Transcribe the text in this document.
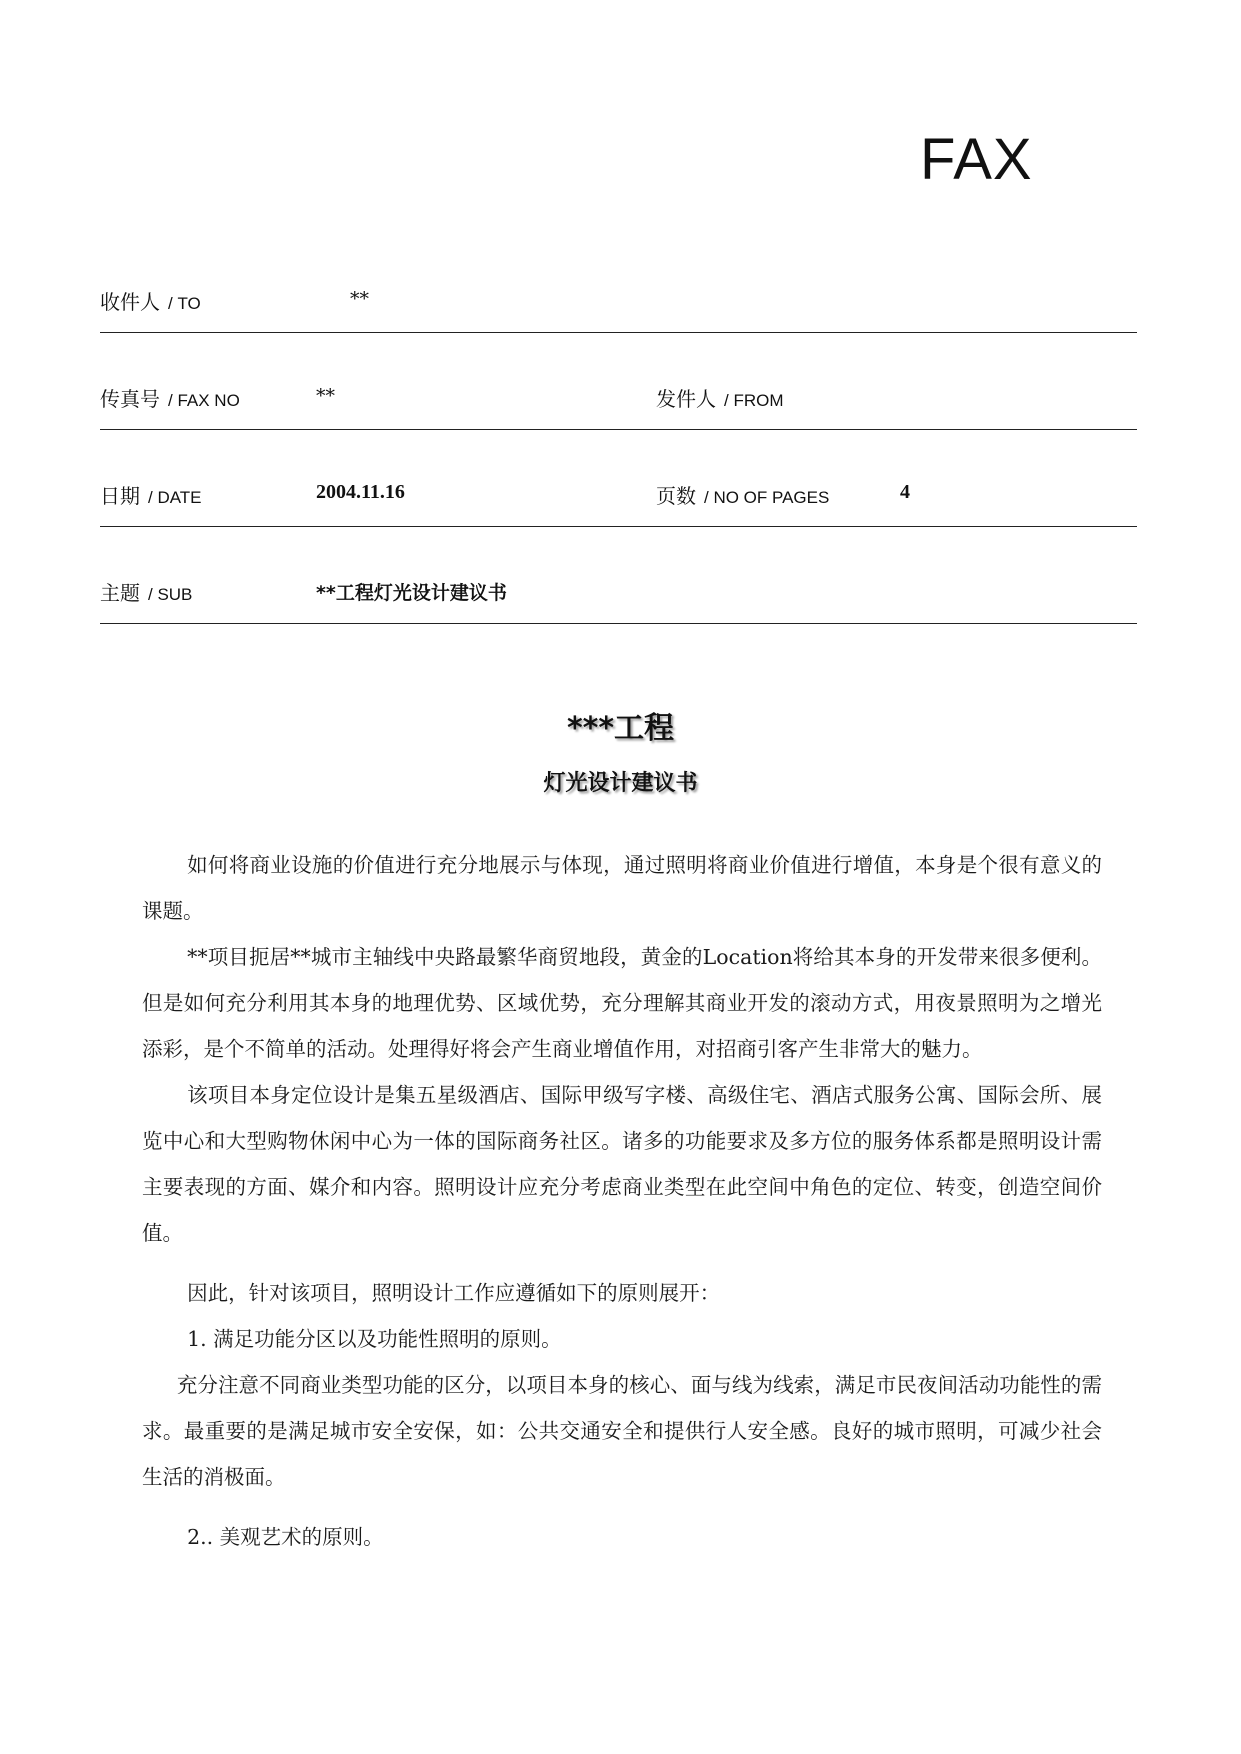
FAX
收件人 / TO	**
传真号 / FAX NO	**	发件人 / FROM
日期 / DATE	2004.11.16	页数 / NO OF PAGES	4
主题 / SUB	**工程灯光设计建议书
***工程
灯光设计建议书

如何将商业设施的价值进行充分地展示与体现，通过照明将商业价值进行增值，本身是个很有意义的课题。

**项目扼居**城市主轴线中央路最繁华商贸地段，黄金的Location将给其本身的开发带来很多便利。但是如何充分利用其本身的地理优势、区域优势，充分理解其商业开发的滚动方式，用夜景照明为之增光添彩，是个不简单的活动。处理得好将会产生商业增值作用，对招商引客产生非常大的魅力。

该项目本身定位设计是集五星级酒店、国际甲级写字楼、高级住宅、酒店式服务公寓、国际会所、展览中心和大型购物休闲中心为一体的国际商务社区。诸多的功能要求及多方位的服务体系都是照明设计需主要表现的方面、媒介和内容。照明设计应充分考虑商业类型在此空间中角色的定位、转变，创造空间价值。

因此，针对该项目，照明设计工作应遵循如下的原则展开：

1. 满足功能分区以及功能性照明的原则。

充分注意不同商业类型功能的区分，以项目本身的核心、面与线为线索，满足市民夜间活动功能性的需求。最重要的是满足城市安全安保，如：公共交通安全和提供行人安全感。良好的城市照明，可减少社会生活的消极面。

2.. 美观艺术的原则。
